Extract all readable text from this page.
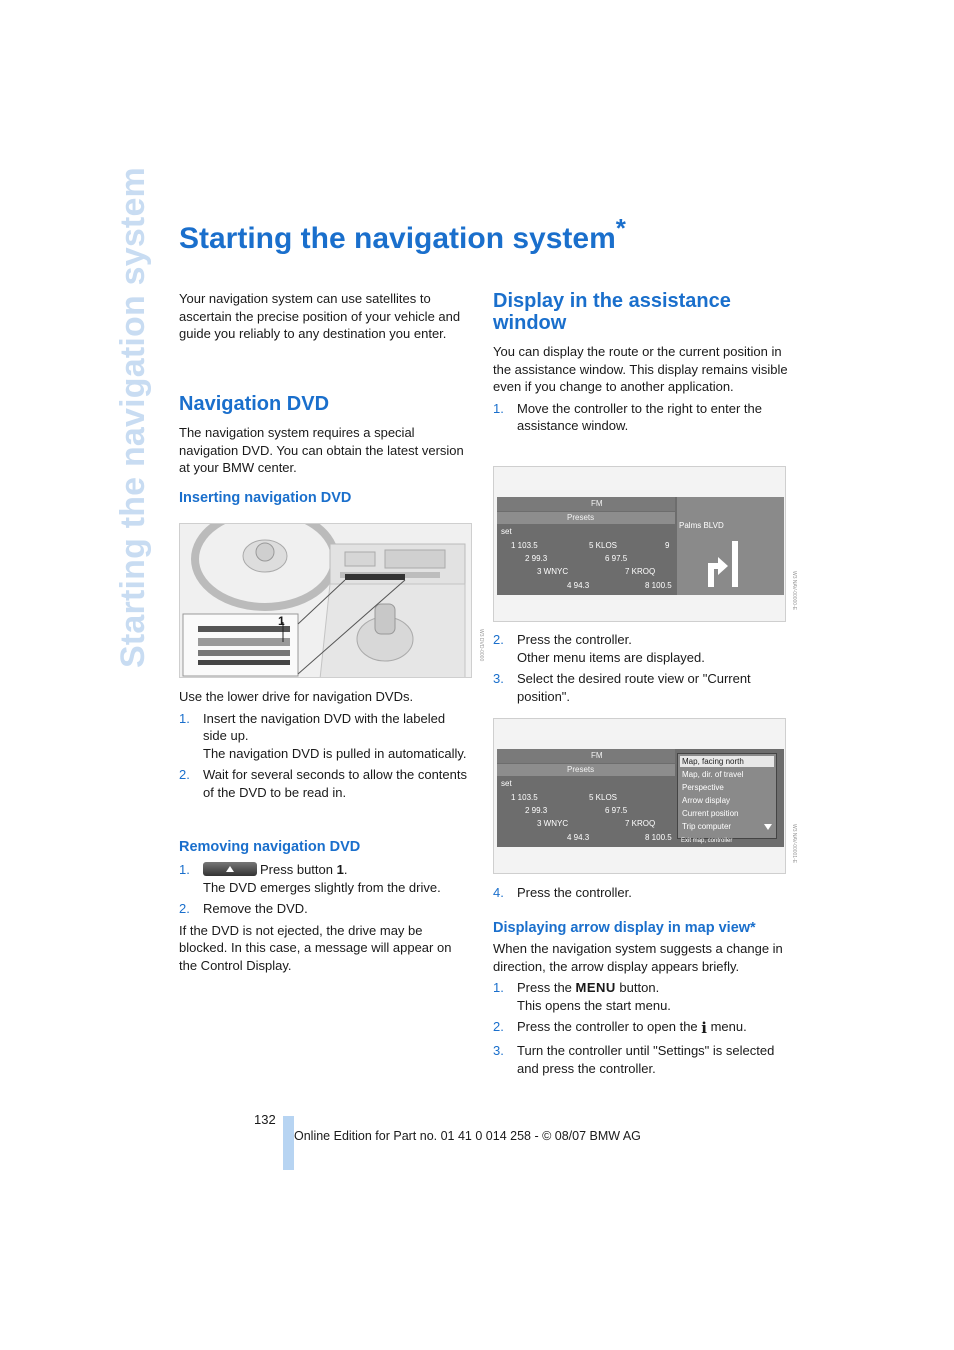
Starting the navigation system Starting the navigation system*

Your navigation system can use satellites to ascertain the precise position of your vehicle and guide you reliably to any destination you enter.

Navigation DVD

The navigation system requires a special navigation DVD. You can obtain the latest version at your BMW center.

Inserting navigation DVD
1
W3 DVD-0000

Use the lower drive for navigation DVDs.

1.	Insert the navigation DVD with the labeled side up.
The navigation DVD is pulled in automatically.
2.	Wait for several seconds to allow the contents of the DVD to be read in.
Removing navigation DVD
1.	Press button 1.
The DVD emerges slightly from the drive.
2.	Remove the DVD.

If the DVD is not ejected, the drive may be blocked. In this case, a message will appear on the Control Display.

Display in the assistance window

You can display the route or the current position in the assistance window. This display remains visible even if you change to another application.

1.	Move the controller to the right to enter the assistance window.
FM
Presets
set
1 103.5	5 KLOS	9
2 99.3	6 97.5
3 WNYC	7 KROQ
4 94.3	8 100.5
Palms BLVD
W3 NAV-00000-E
2.	Press the controller.
Other menu items are displayed.
3.	Select the desired route view or "Current position".
FM
Presets
set
1 103.5	5 KLOS
2 99.3	6 97.5
3 WNYC	7 KROQ
4 94.3	8 100.5
Map, facing north
Map, dir. of travel
Perspective
Arrow display
Current position
Trip computer
Exit map, controller	W3 NAV-00001-E
4.	Press the controller.
Displaying arrow display in map view*

When the navigation system suggests a change in direction, the arrow display appears briefly.

1.	Press the MENU button.
This opens the start menu.
2.	Press the controller to open the i menu.
3.	Turn the controller until "Settings" is selected and press the controller.
132
Online Edition for Part no. 01 41 0 014 258 - © 08/07 BMW AG
